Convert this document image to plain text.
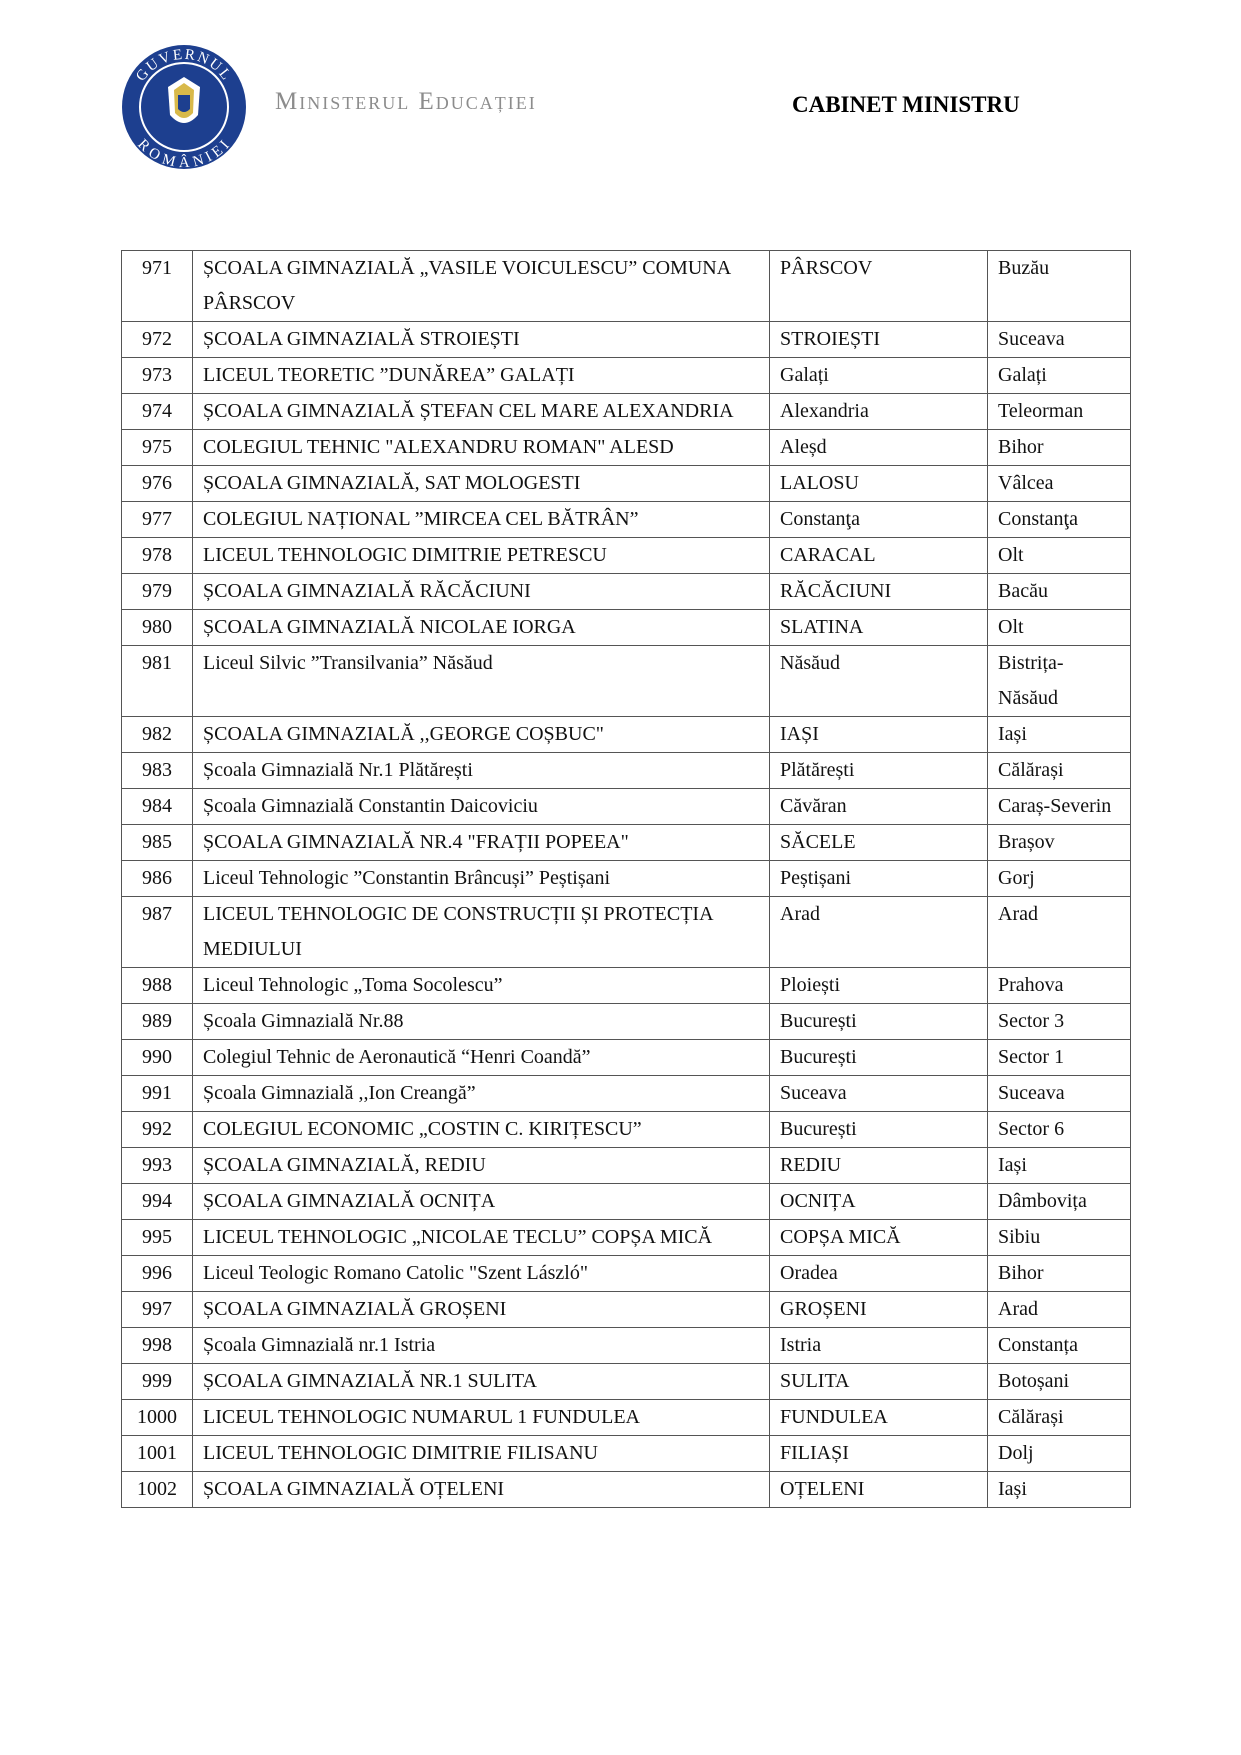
GUVERNUL
ROMÂNIEI
Ministerul Educației	CABINET MINISTRU
971	ȘCOALA GIMNAZIALĂ „VASILE VOICULESCU” COMUNA PÂRSCOV	PÂRSCOV	Buzău
972	ȘCOALA GIMNAZIALĂ STROIEȘTI	STROIEȘTI	Suceava
973	LICEUL TEORETIC ”DUNĂREA” GALAȚI	Galați	Galați
974	ȘCOALA GIMNAZIALĂ ȘTEFAN CEL MARE ALEXANDRIA	Alexandria	Teleorman
975	COLEGIUL TEHNIC "ALEXANDRU ROMAN" ALESD	Aleșd	Bihor
976	ȘCOALA GIMNAZIALĂ, SAT MOLOGESTI	LALOSU	Vâlcea
977	COLEGIUL NAȚIONAL ”MIRCEA CEL BĂTRÂN”	Constanţa	Constanţa
978	LICEUL TEHNOLOGIC DIMITRIE PETRESCU	CARACAL	Olt
979	ȘCOALA GIMNAZIALĂ RĂCĂCIUNI	RĂCĂCIUNI	Bacău
980	ȘCOALA GIMNAZIALĂ NICOLAE IORGA	SLATINA	Olt
981	Liceul Silvic ”Transilvania” Năsăud	Năsăud	Bistrița-Năsăud
982	ȘCOALA GIMNAZIALĂ ,,GEORGE COȘBUC"	IAȘI	Iași
983	Școala Gimnazială Nr.1 Plătărești	Plătărești	Călărași
984	Școala Gimnazială Constantin Daicoviciu	Căvăran	Caraș-Severin
985	ȘCOALA GIMNAZIALĂ NR.4 "FRAȚII POPEEA"	SĂCELE	Brașov
986	Liceul Tehnologic ”Constantin Brâncuși” Peștișani	Peștișani	Gorj
987	LICEUL TEHNOLOGIC DE CONSTRUCȚII ȘI PROTECȚIA MEDIULUI	Arad	Arad
988	Liceul Tehnologic „Toma Socolescu”	Ploiești	Prahova
989	Școala Gimnazială Nr.88	București	Sector 3
990	Colegiul Tehnic de Aeronautică “Henri Coandă”	București	Sector 1
991	Școala Gimnazială ,,Ion Creangă”	Suceava	Suceava
992	COLEGIUL ECONOMIC „COSTIN C. KIRIȚESCU”	București	Sector 6
993	ȘCOALA GIMNAZIALĂ, REDIU	REDIU	Iași
994	ȘCOALA GIMNAZIALĂ OCNIȚA	OCNIȚA	Dâmbovița
995	LICEUL TEHNOLOGIC „NICOLAE TECLU” COPȘA MICĂ	COPȘA MICĂ	Sibiu
996	Liceul Teologic Romano Catolic "Szent László"	Oradea	Bihor
997	ȘCOALA GIMNAZIALĂ GROȘENI	GROȘENI	Arad
998	Școala Gimnazială nr.1 Istria	Istria	Constanța
999	ȘCOALA GIMNAZIALĂ NR.1 SULITA	SULITA	Botoșani
1000	LICEUL TEHNOLOGIC NUMARUL 1 FUNDULEA	FUNDULEA	Călărași
1001	LICEUL TEHNOLOGIC DIMITRIE FILISANU	FILIAȘI	Dolj
1002	ȘCOALA GIMNAZIALĂ OȚELENI	OȚELENI	Iași
